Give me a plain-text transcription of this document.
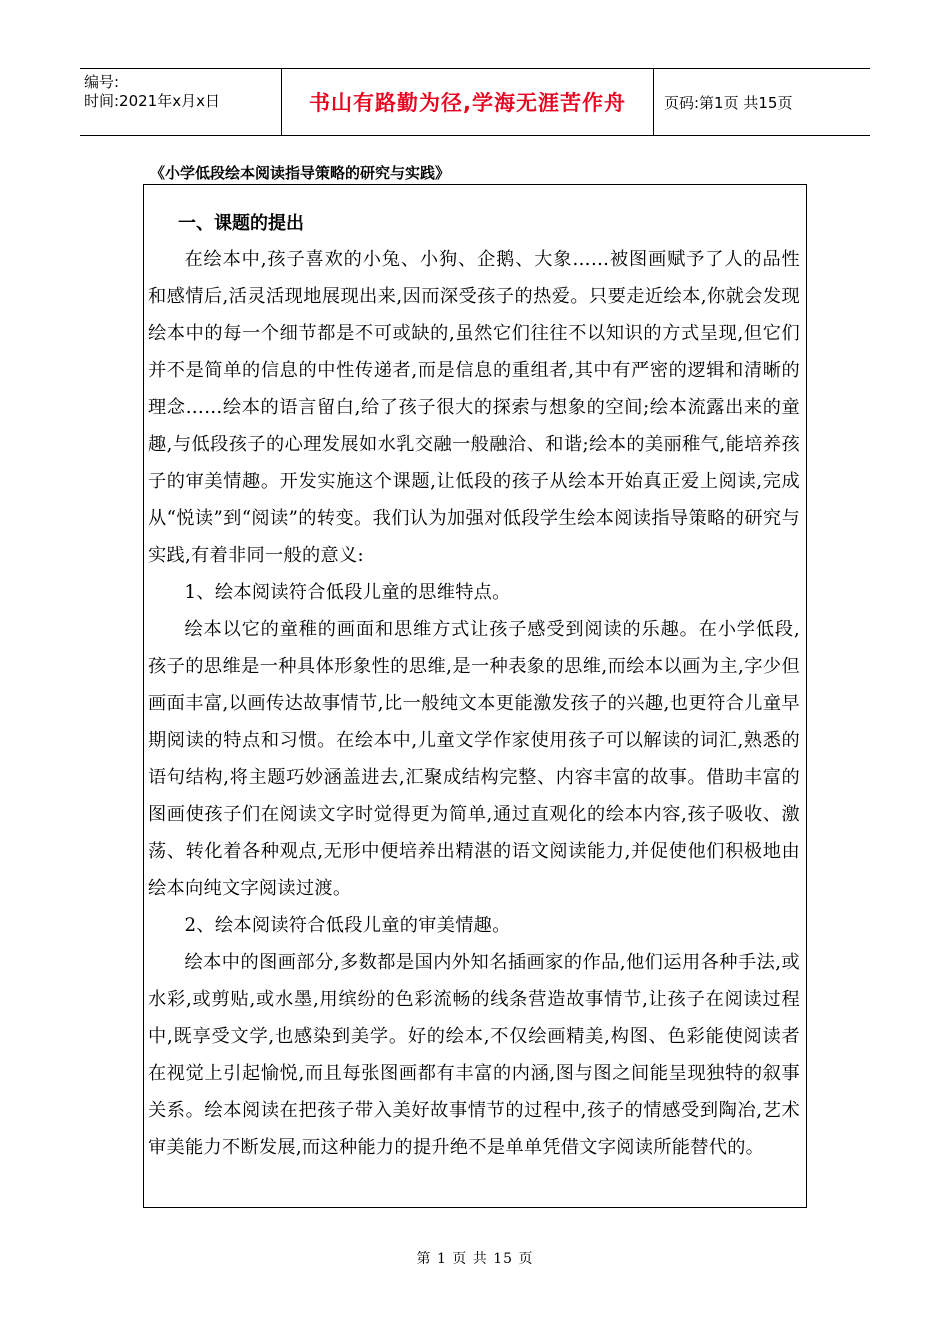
编号:
时间:2021年x月x日	书山有路勤为径,学海无涯苦作舟	页码:第1页 共15页
《小学低段绘本阅读指导策略的研究与实践》
一、课题的提出

在绘本中,孩子喜欢的小兔、小狗、企鹅、大象……被图画赋予了人的品性和感情后,活灵活现地展现出来,因而深受孩子的热爱。只要走近绘本,你就会发现绘本中的每一个细节都是不可或缺的,虽然它们往往不以知识的方式呈现,但它们并不是简单的信息的中性传递者,而是信息的重组者,其中有严密的逻辑和清晰的理念……绘本的语言留白,给了孩子很大的探索与想象的空间;绘本流露出来的童趣,与低段孩子的心理发展如水乳交融一般融洽、和谐;绘本的美丽稚气,能培养孩子的审美情趣。开发实施这个课题,让低段的孩子从绘本开始真正爱上阅读,完成从“悦读”到“阅读”的转变。我们认为加强对低段学生绘本阅读指导策略的研究与实践,有着非同一般的意义:

1、绘本阅读符合低段儿童的思维特点。

绘本以它的童稚的画面和思维方式让孩子感受到阅读的乐趣。在小学低段,孩子的思维是一种具体形象性的思维,是一种表象的思维,而绘本以画为主,字少但画面丰富,以画传达故事情节,比一般纯文本更能激发孩子的兴趣,也更符合儿童早期阅读的特点和习惯。在绘本中,儿童文学作家使用孩子可以解读的词汇,熟悉的语句结构,将主题巧妙涵盖进去,汇聚成结构完整、内容丰富的故事。借助丰富的图画使孩子们在阅读文字时觉得更为简单,通过直观化的绘本内容,孩子吸收、激荡、转化着各种观点,无形中便培养出精湛的语文阅读能力,并促使他们积极地由绘本向纯文字阅读过渡。

2、绘本阅读符合低段儿童的审美情趣。

绘本中的图画部分,多数都是国内外知名插画家的作品,他们运用各种手法,或水彩,或剪贴,或水墨,用缤纷的色彩流畅的线条营造故事情节,让孩子在阅读过程中,既享受文学,也感染到美学。好的绘本,不仅绘画精美,构图、色彩能使阅读者在视觉上引起愉悦,而且每张图画都有丰富的内涵,图与图之间能呈现独特的叙事关系。绘本阅读在把孩子带入美好故事情节的过程中,孩子的情感受到陶冶,艺术审美能力不断发展,而这种能力的提升绝不是单单凭借文字阅读所能替代的。

第 1 页 共 15 页
